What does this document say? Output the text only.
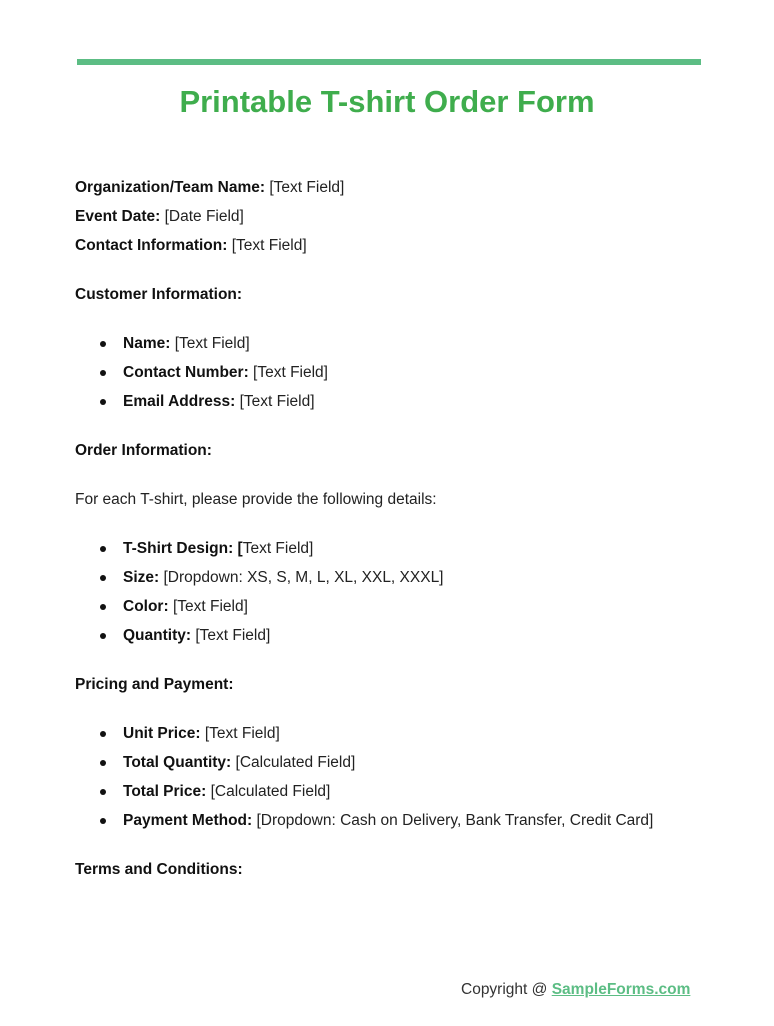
Printable T-shirt Order Form
Organization/Team Name: [Text Field]
Event Date: [Date Field]
Contact Information: [Text Field]
Customer Information:
Name: [Text Field]
Contact Number: [Text Field]
Email Address: [Text Field]
Order Information:
For each T-shirt, please provide the following details:
T-Shirt Design: [Text Field]
Size: [Dropdown: XS, S, M, L, XL, XXL, XXXL]
Color: [Text Field]
Quantity: [Text Field]
Pricing and Payment:
Unit Price: [Text Field]
Total Quantity: [Calculated Field]
Total Price: [Calculated Field]
Payment Method: [Dropdown: Cash on Delivery, Bank Transfer, Credit Card]
Terms and Conditions:
Copyright @ SampleForms.com
